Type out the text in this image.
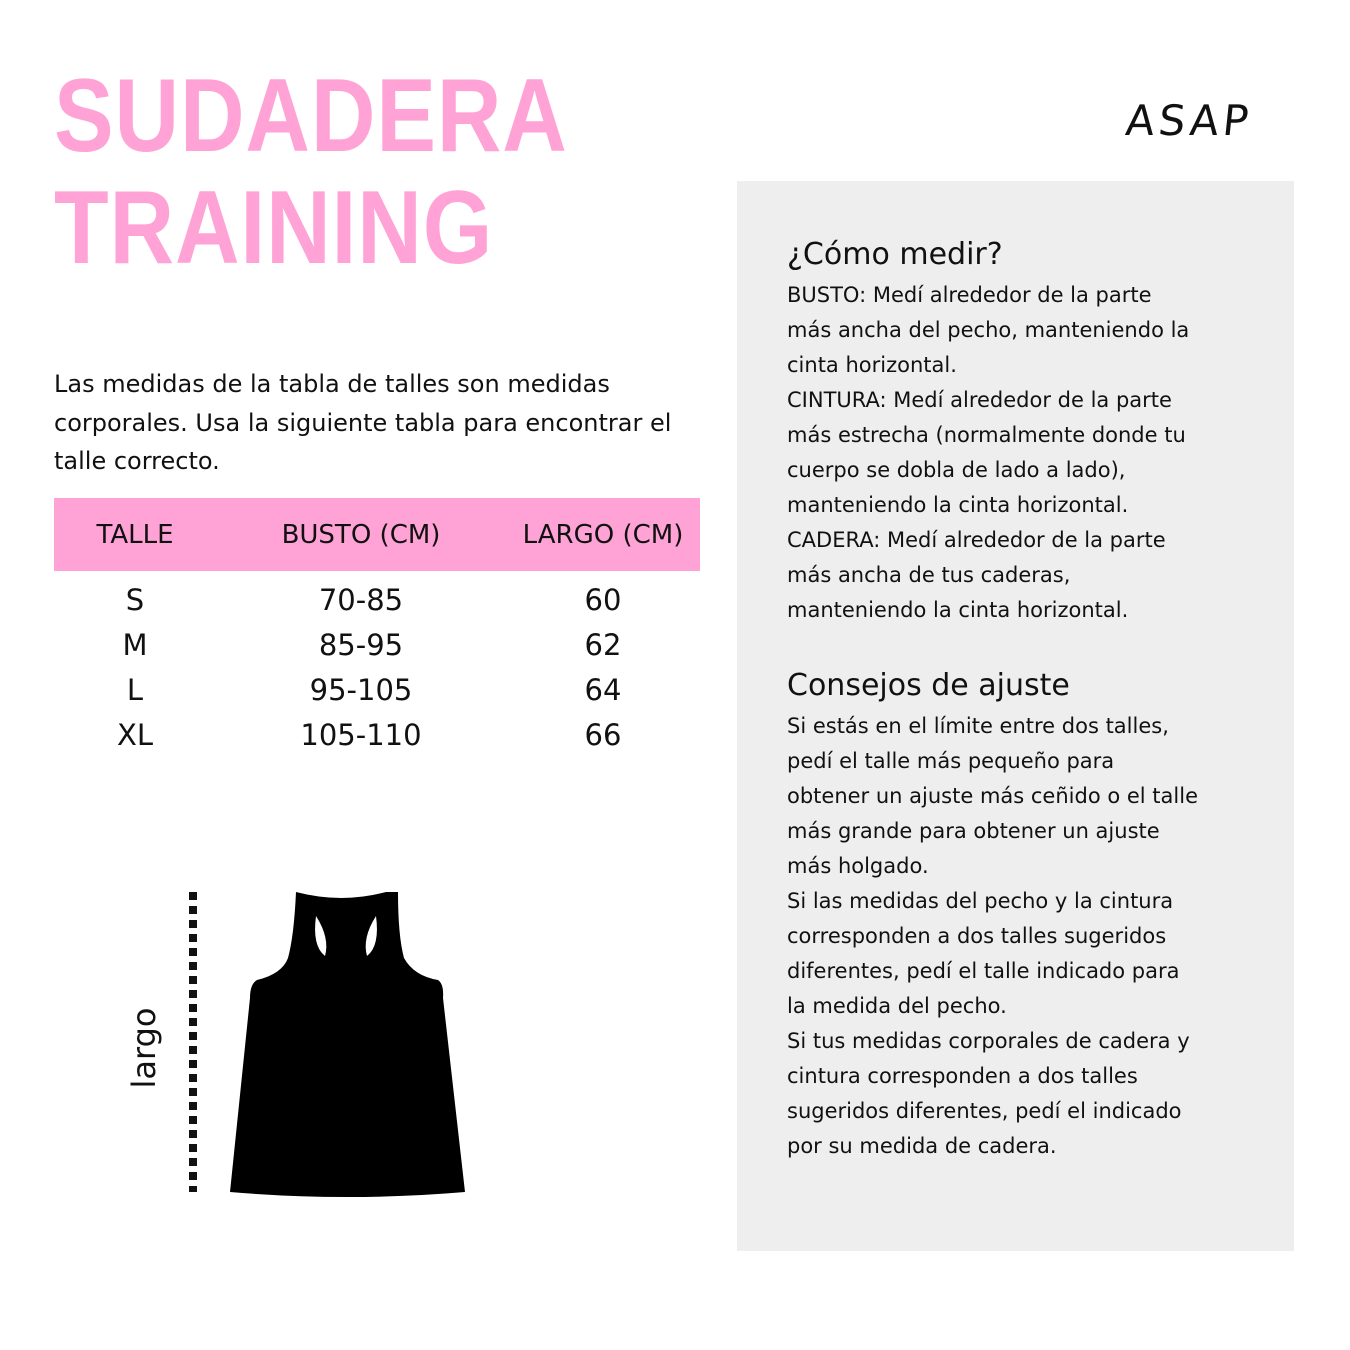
SUDADERA
TRAINING
ASAP

Las medidas de la tabla de talles son medidas corporales. Usa la siguiente tabla para encontrar el talle correcto.

TALLE	BUSTO (CM)	LARGO (CM)
S	70-85	60
M	85-95	62
L	95-105	64
XL	105-110	66
largo
¿Cómo medir?

BUSTO: Medí alrededor de la parte
más ancha del pecho, manteniendo la
cinta horizontal.
CINTURA: Medí alrededor de la parte
más estrecha (normalmente donde tu
cuerpo se dobla de lado a lado),
manteniendo la cinta horizontal.
CADERA: Medí alrededor de la parte
más ancha de tus caderas,
manteniendo la cinta horizontal.

Consejos de ajuste

Si estás en el límite entre dos talles,
pedí el talle más pequeño para
obtener un ajuste más ceñido o el talle
más grande para obtener un ajuste
más holgado.
Si las medidas del pecho y la cintura
corresponden a dos talles sugeridos
diferentes, pedí el talle indicado para
la medida del pecho.
Si tus medidas corporales de cadera y
cintura corresponden a dos talles
sugeridos diferentes, pedí el indicado
por su medida de cadera.
